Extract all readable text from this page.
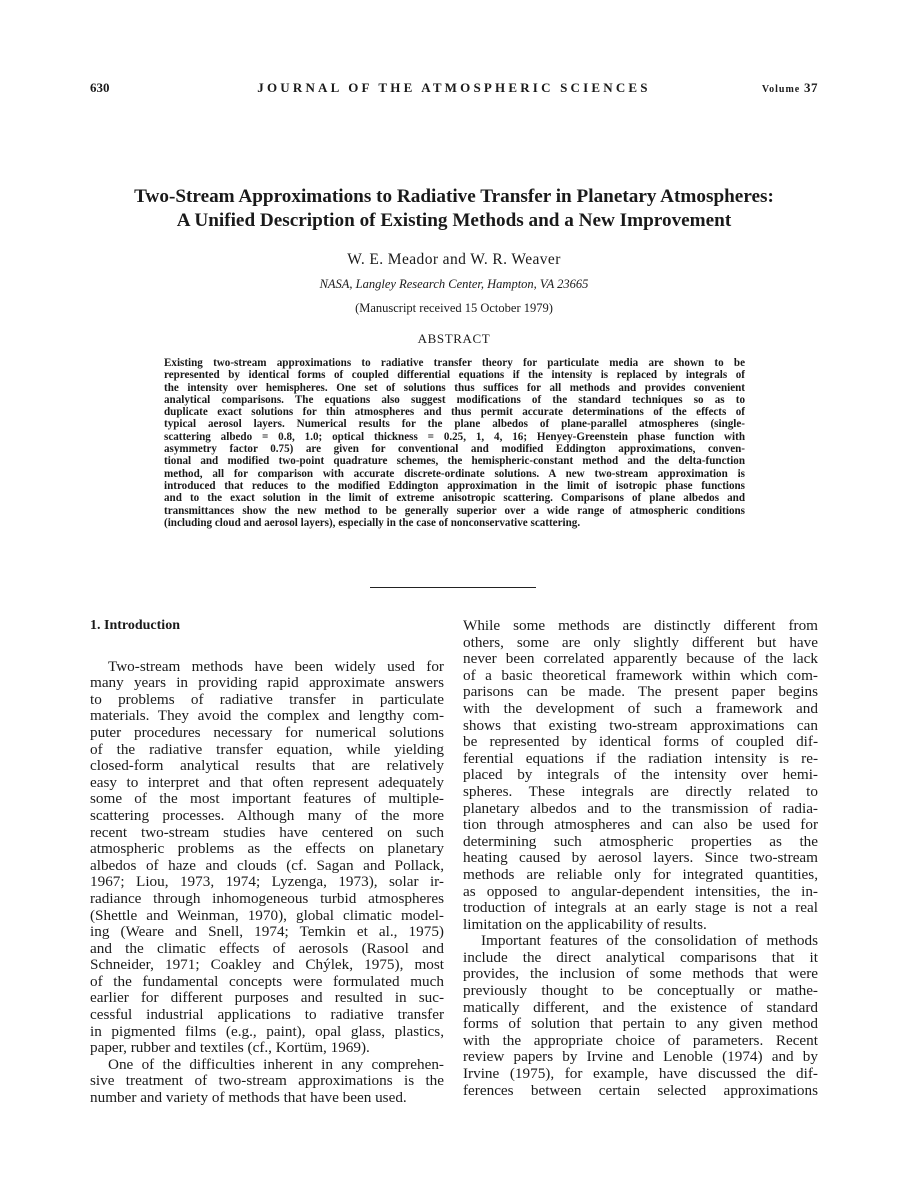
630	JOURNAL OF THE ATMOSPHERIC SCIENCES	Volume 37
Two-Stream Approximations to Radiative Transfer in Planetary Atmospheres:
A Unified Description of Existing Methods and a New Improvement

W. E. Meador and W. R. Weaver

NASA, Langley Research Center, Hampton, VA 23665
(Manuscript received 15 October 1979)
ABSTRACT
Existing two-stream approximations to radiative transfer theory for particulate media are shown to be
represented by identical forms of coupled differential equations if the intensity is replaced by integrals of
the intensity over hemispheres. One set of solutions thus suffices for all methods and provides convenient
analytical comparisons. The equations also suggest modifications of the standard techniques so as to
duplicate exact solutions for thin atmospheres and thus permit accurate determinations of the effects of
typical aerosol layers. Numerical results for the plane albedos of plane-parallel atmospheres (single-
scattering albedo = 0.8, 1.0; optical thickness = 0.25, 1, 4, 16; Henyey-Greenstein phase function with
asymmetry factor 0.75) are given for conventional and modified Eddington approximations, conven-
tional and modified two-point quadrature schemes, the hemispheric-constant method and the delta-function
method, all for comparison with accurate discrete-ordinate solutions. A new two-stream approximation is
introduced that reduces to the modified Eddington approximation in the limit of isotropic phase functions
and to the exact solution in the limit of extreme anisotropic scattering. Comparisons of plane albedos and
transmittances show the new method to be generally superior over a wide range of atmospheric conditions
(including cloud and aerosol layers), especially in the case of nonconservative scattering.
1. Introduction
Two-stream methods have been widely used for
many years in providing rapid approximate answers
to problems of radiative transfer in particulate
materials. They avoid the complex and lengthy com-
puter procedures necessary for numerical solutions
of the radiative transfer equation, while yielding
closed-form analytical results that are relatively
easy to interpret and that often represent adequately
some of the most important features of multiple-
scattering processes. Although many of the more
recent two-stream studies have centered on such
atmospheric problems as the effects on planetary
albedos of haze and clouds (cf. Sagan and Pollack,
1967; Liou, 1973, 1974; Lyzenga, 1973), solar ir-
radiance through inhomogeneous turbid atmospheres
(Shettle and Weinman, 1970), global climatic model-
ing (Weare and Snell, 1974; Temkin et al., 1975)
and the climatic effects of aerosols (Rasool and
Schneider, 1971; Coakley and Chýlek, 1975), most
of the fundamental concepts were formulated much
earlier for different purposes and resulted in suc-
cessful industrial applications to radiative transfer
in pigmented films (e.g., paint), opal glass, plastics,
paper, rubber and textiles (cf., Kortüm, 1969).
One of the difficulties inherent in any comprehen-
sive treatment of two-stream approximations is the
number and variety of methods that have been used.
While some methods are distinctly different from
others, some are only slightly different but have
never been correlated apparently because of the lack
of a basic theoretical framework within which com-
parisons can be made. The present paper begins
with the development of such a framework and
shows that existing two-stream approximations can
be represented by identical forms of coupled dif-
ferential equations if the radiation intensity is re-
placed by integrals of the intensity over hemi-
spheres. These integrals are directly related to
planetary albedos and to the transmission of radia-
tion through atmospheres and can also be used for
determining such atmospheric properties as the
heating caused by aerosol layers. Since two-stream
methods are reliable only for integrated quantities,
as opposed to angular-dependent intensities, the in-
troduction of integrals at an early stage is not a real
limitation on the applicability of results.
Important features of the consolidation of methods
include the direct analytical comparisons that it
provides, the inclusion of some methods that were
previously thought to be conceptually or mathe-
matically different, and the existence of standard
forms of solution that pertain to any given method
with the appropriate choice of parameters. Recent
review papers by Irvine and Lenoble (1974) and by
Irvine (1975), for example, have discussed the dif-
ferences between certain selected approximations
